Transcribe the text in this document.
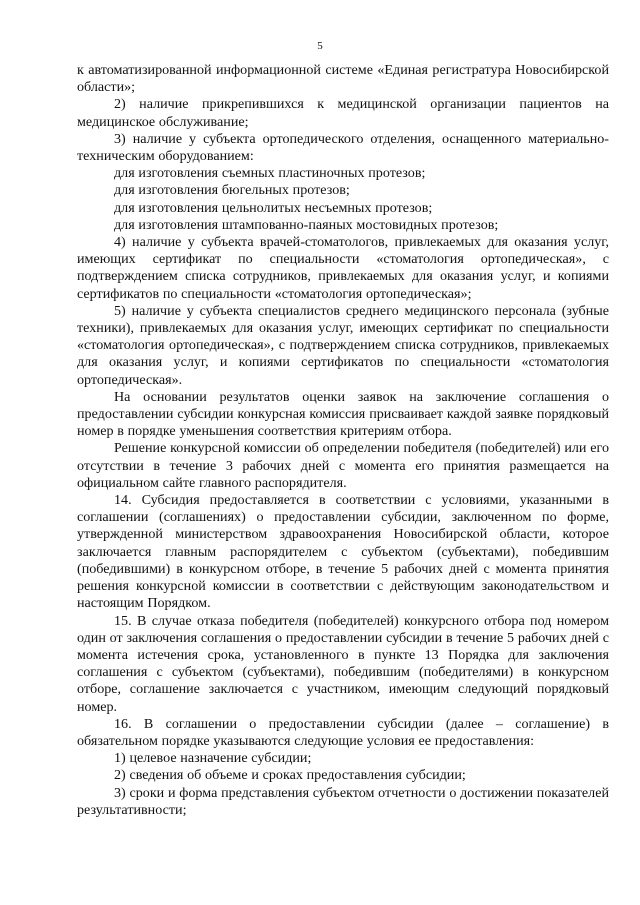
5

к автоматизированной информационной системе «Единая регистратура Новосибирской области»;

2) наличие прикрепившихся к медицинской организации пациентов на медицинское обслуживание;

3) наличие у субъекта ортопедического отделения, оснащенного материально-техническим оборудованием:

для изготовления съемных пластиночных протезов;

для изготовления бюгельных протезов;

для изготовления цельнолитых несъемных протезов;

для изготовления штампованно-паяных мостовидных протезов;

4) наличие у субъекта врачей-стоматологов, привлекаемых для оказания услуг, имеющих сертификат по специальности «стоматология ортопедическая», с подтверждением списка сотрудников, привлекаемых для оказания услуг, и копиями сертификатов по специальности «стоматология ортопедическая»;

5) наличие у субъекта специалистов среднего медицинского персонала (зубные техники), привлекаемых для оказания услуг, имеющих сертификат по специальности «стоматология ортопедическая», с подтверждением списка сотрудников, привлекаемых для оказания услуг, и копиями сертификатов по специальности «стоматология ортопедическая».

На основании результатов оценки заявок на заключение соглашения о предоставлении субсидии конкурсная комиссия присваивает каждой заявке порядковый номер в порядке уменьшения соответствия критериям отбора.

Решение конкурсной комиссии об определении победителя (победителей) или его отсутствии в течение 3 рабочих дней с момента его принятия размещается на официальном сайте главного распорядителя.

14. Субсидия предоставляется в соответствии с условиями, указанными в соглашении (соглашениях) о предоставлении субсидии, заключенном по форме, утвержденной министерством здравоохранения Новосибирской области, которое заключается главным распорядителем с субъектом (субъектами), победившим (победившими) в конкурсном отборе, в течение 5 рабочих дней с момента принятия решения конкурсной комиссии в соответствии с действующим законодательством и настоящим Порядком.

15. В случае отказа победителя (победителей) конкурсного отбора под номером один от заключения соглашения о предоставлении субсидии в течение 5 рабочих дней с момента истечения срока, установленного в пункте 13 Порядка для заключения соглашения с субъектом (субъектами), победившим (победителями) в конкурсном отборе, соглашение заключается с участником, имеющим следующий порядковый номер.

16. В соглашении о предоставлении субсидии (далее – соглашение) в обязательном порядке указываются следующие условия ее предоставления:

1) целевое назначение субсидии;

2) сведения об объеме и сроках предоставления субсидии;

3) сроки и форма представления субъектом отчетности о достижении показателей результативности;
